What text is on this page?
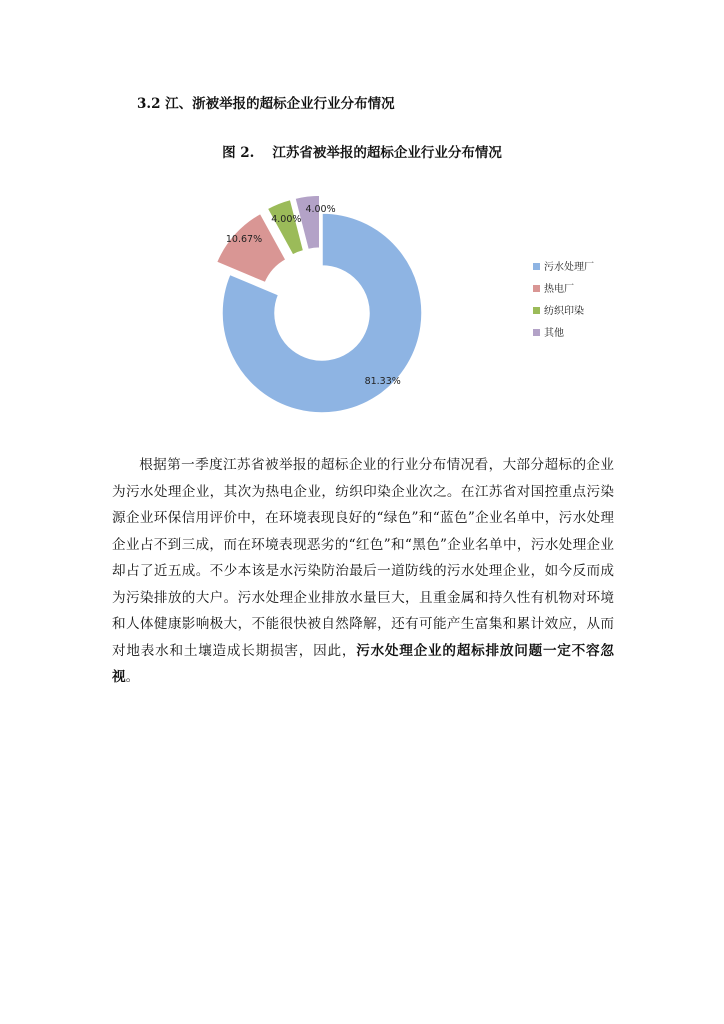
3.2 江、浙被举报的超标企业行业分布情况
图 2. 江苏省被举报的超标企业行业分布情况
81.33%
10.67%
4.00%
4.00%
污水处理厂
热电厂
纺织印染
其他

根据第一季度江苏省被举报的超标企业的行业分布情况看，大部分超标的企业为污水处理企业，其次为热电企业，纺织印染企业次之。在江苏省对国控重点污染源企业环保信用评价中，在环境表现良好的“绿色”和“蓝色”企业名单中，污水处理企业占不到三成，而在环境表现恶劣的“红色”和“黑色”企业名单中，污水处理企业却占了近五成。不少本该是水污染防治最后一道防线的污水处理企业，如今反而成为污染排放的大户。污水处理企业排放水量巨大，且重金属和持久性有机物对环境和人体健康影响极大，不能很快被自然降解，还有可能产生富集和累计效应，从而对地表水和土壤造成长期损害，因此，污水处理企业的超标排放问题一定不容忽视。
